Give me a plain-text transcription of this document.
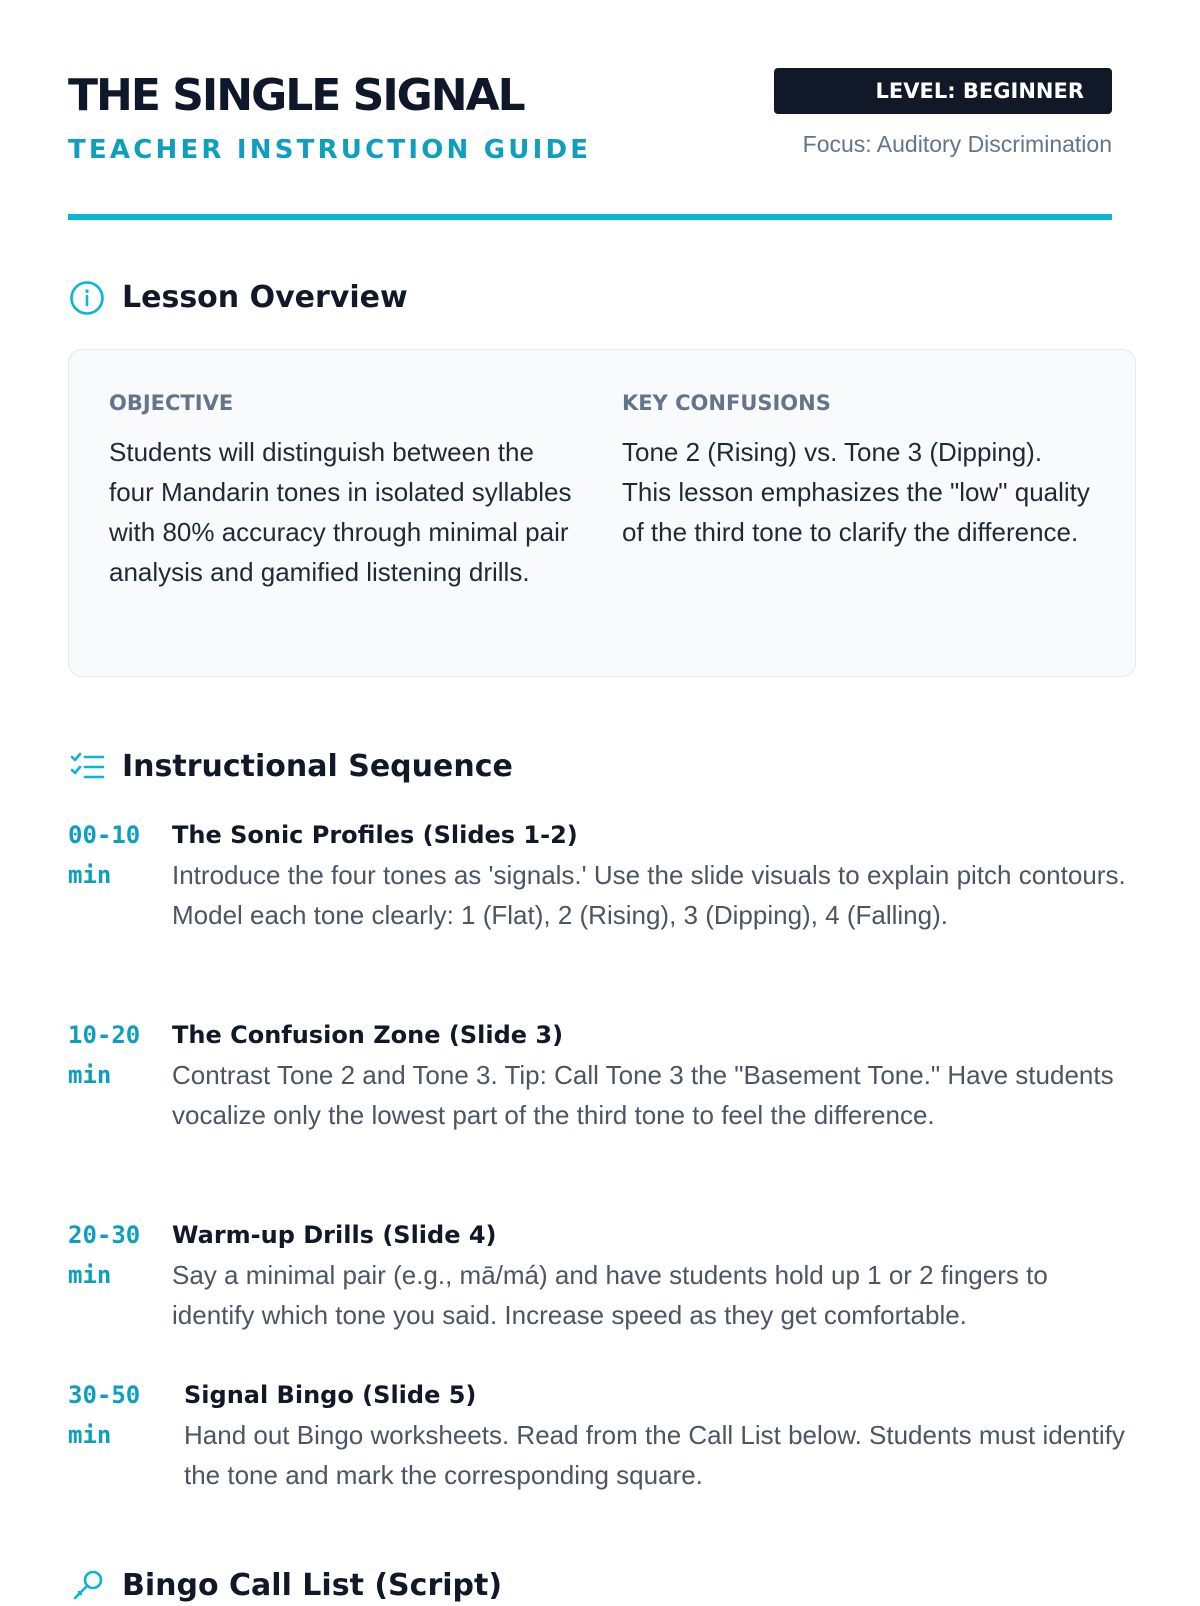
THE SINGLE SIGNAL
TEACHER INSTRUCTION GUIDE
LEVEL: BEGINNER
Focus: Auditory Discrimination
Lesson Overview
OBJECTIVE
Students will distinguish between the four Mandarin tones in isolated syllables with 80% accuracy through minimal pair analysis and gamified listening drills.
KEY CONFUSIONS
Tone 2 (Rising) vs. Tone 3 (Dipping). This lesson emphasizes the "low" quality of the third tone to clarify the difference.
Instructional Sequence
00-10 min
The Sonic Profiles (Slides 1-2)
Introduce the four tones as 'signals.' Use the slide visuals to explain pitch contours. Model each tone clearly: 1 (Flat), 2 (Rising), 3 (Dipping), 4 (Falling).
10-20 min
The Confusion Zone (Slide 3)
Contrast Tone 2 and Tone 3. Tip: Call Tone 3 the "Basement Tone." Have students vocalize only the lowest part of the third tone to feel the difference.
20-30 min
Warm-up Drills (Slide 4)
Say a minimal pair (e.g., mā/má) and have students hold up 1 or 2 fingers to identify which tone you said. Increase speed as they get comfortable.
30-50 min
Signal Bingo (Slide 5)
Hand out Bingo worksheets. Read from the Call List below. Students must identify the tone and mark the corresponding square.
Bingo Call List (Script)
